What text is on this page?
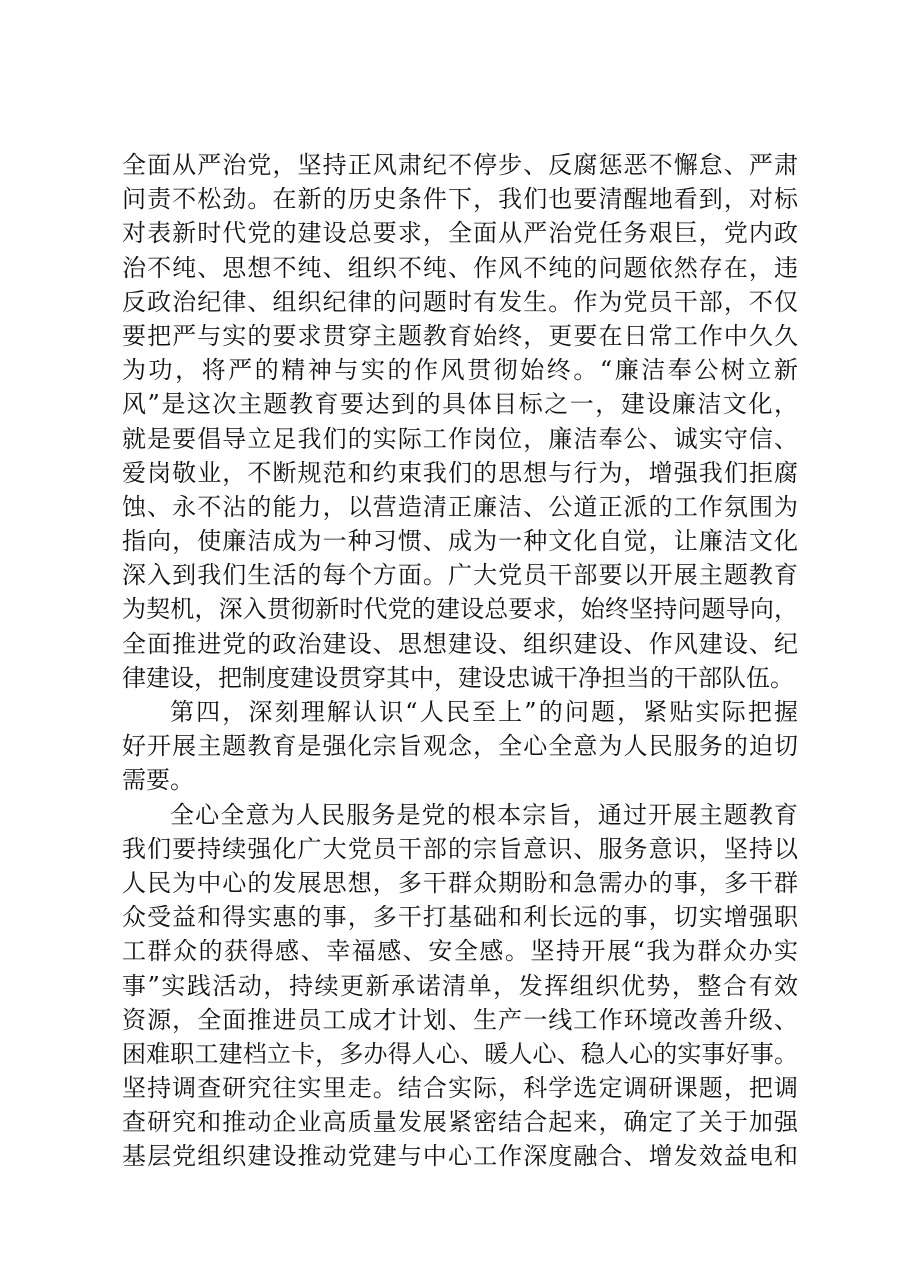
全面从严治党，坚持正风肃纪不停步、反腐惩恶不懈怠、严肃
问责不松劲。在新的历史条件下，我们也要清醒地看到，对标
对表新时代党的建设总要求，全面从严治党任务艰巨，党内政
治不纯、思想不纯、组织不纯、作风不纯的问题依然存在，违
反政治纪律、组织纪律的问题时有发生。作为党员干部，不仅
要把严与实的要求贯穿主题教育始终，更要在日常工作中久久
为功，将严的精神与实的作风贯彻始终。“廉洁奉公树立新
风”是这次主题教育要达到的具体目标之一，建设廉洁文化，
就是要倡导立足我们的实际工作岗位，廉洁奉公、诚实守信、
爱岗敬业，不断规范和约束我们的思想与行为，增强我们拒腐
蚀、永不沾的能力，以营造清正廉洁、公道正派的工作氛围为
指向，使廉洁成为一种习惯、成为一种文化自觉，让廉洁文化
深入到我们生活的每个方面。广大党员干部要以开展主题教育
为契机，深入贯彻新时代党的建设总要求，始终坚持问题导向，
全面推进党的政治建设、思想建设、组织建设、作风建设、纪
律建设，把制度建设贯穿其中，建设忠诚干净担当的干部队伍。
第四，深刻理解认识“人民至上”的问题，紧贴实际把握
好开展主题教育是强化宗旨观念，全心全意为人民服务的迫切
需要。
全心全意为人民服务是党的根本宗旨，通过开展主题教育
我们要持续强化广大党员干部的宗旨意识、服务意识，坚持以
人民为中心的发展思想，多干群众期盼和急需办的事，多干群
众受益和得实惠的事，多干打基础和利长远的事，切实增强职
工群众的获得感、幸福感、安全感。坚持开展“我为群众办实
事”实践活动，持续更新承诺清单，发挥组织优势，整合有效
资源，全面推进员工成才计划、生产一线工作环境改善升级、
困难职工建档立卡，多办得人心、暖人心、稳人心的实事好事。
坚持调查研究往实里走。结合实际，科学选定调研课题，把调
查研究和推动企业高质量发展紧密结合起来，确定了关于加强
基层党组织建设推动党建与中心工作深度融合、增发效益电和
